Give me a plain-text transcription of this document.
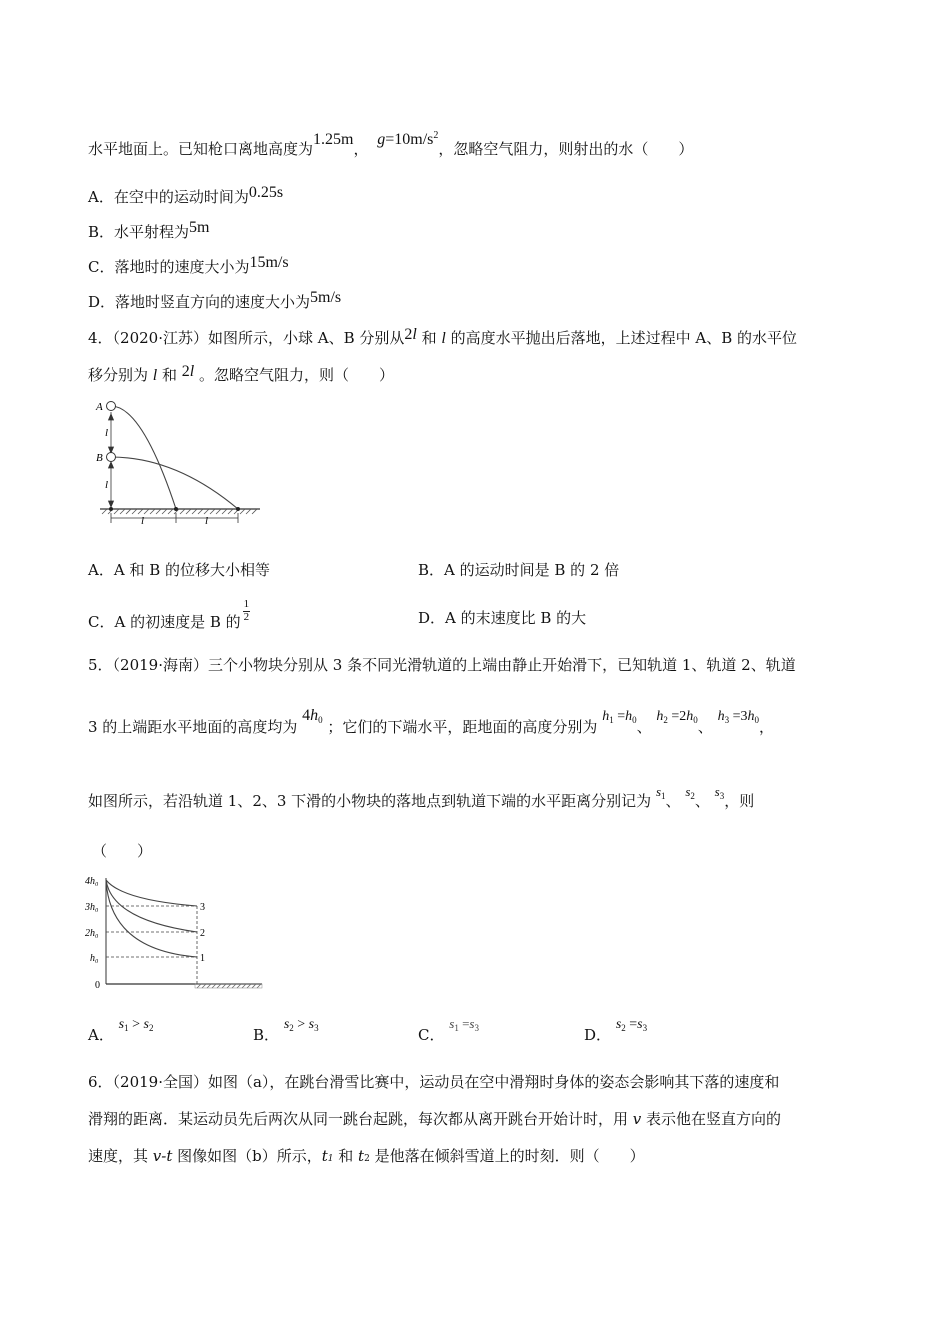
水平地面上。已知枪口离地高度为1.25m， $g=10m/s^2$，忽略空气阻力，则射出的水（　　）
A．在空中的运动时间为0.25s
B．水平射程为5m
C．落地时的速度大小为15m/s
D．落地时竖直方向的速度大小为5m/s
4．（2020·江苏）如图所示，小球 A、B 分别从2l 和 l 的高度水平抛出后落地，上述过程中 A、B 的水平位
移分别为 l 和 2l 。忽略空气阻力，则（　　）
A
B
l
l
l	l
A．A 和 B 的位移大小相等	B．A 的运动时间是 B 的 2 倍
C．A 的初速度是 B 的 $\frac{1}{2}$	D．A 的末速度比 B 的大
5．（2019·海南）三个小物块分别从 3 条不同光滑轨道的上端由静止开始滑下，已知轨道 1、轨道 2、轨道
3 的上端距水平地面的高度均为 4h0 ；它们的下端水平，距地面的高度分别为 $h_1 =h_0$、 $h_2 =2h_0$、 $h_3 =3h_0$，
如图所示，若沿轨道 1、2、3 下滑的小物块的落地点到轨道下端的水平距离分别记为 $s_1$、 $s_2$、 $s_3$，则
（　　）
4h₀
3h₀
2h₀
h₀
0
3
2
1
A． $s_1 > s_2$	B． $s_2 > s_3$	C． $s_1 =s_3$	D． $s_2 =s_3$
6．（2019·全国）如图（a），在跳台滑雪比赛中，运动员在空中滑翔时身体的姿态会影响其下落的速度和
滑翔的距离．某运动员先后两次从同一跳台起跳，每次都从离开跳台开始计时，用 v 表示他在竖直方向的
速度，其 v-t 图像如图（b）所示，t1 和 t2 是他落在倾斜雪道上的时刻．则（　　）
